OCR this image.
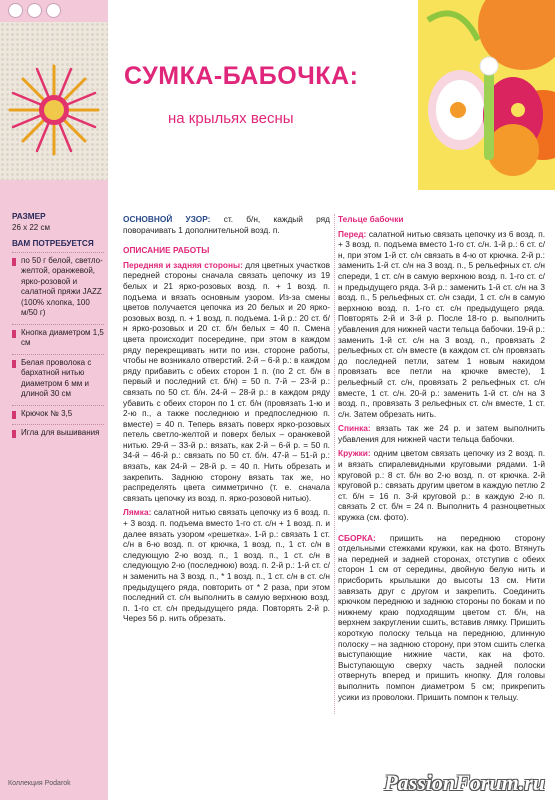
РАЗМЕР
26 х 22 см
ВАМ ПОТРЕБУЕТСЯ
по 50 г белой, светло-желтой, оранжевой, ярко-розовой и салатной пряжи JAZZ (100% хлопка, 100 м/50 г)
Кнопка диаметром 1,5 см
Белая проволока с бархатной нитью диаметром 6 мм и длиной 30 см
Крючок № 3,5
Игла для вышивания
Коллекция Podarok
СУМКА-БАБОЧКА:
на крыльях весны

ОСНОВНОЙ УЗОР: ст. б/н, каждый ряд поворачивать 1 дополнительной возд. п.

ОПИСАНИЕ РАБОТЫ

Передняя и задняя стороны: для цветных участков передней стороны сначала связать цепочку из 19 белых и 21 ярко-розовых возд. п. + 1 возд. п. подъема и вязать основным узором. Из-за смены цветов получается цепочка из 20 белых и 20 ярко-розовых возд. п. + 1 возд. п. подъема. 1-й р.: 20 ст. б/н ярко-розовых и 20 ст. б/н белых = 40 п. Смена цвета происходит посередине, при этом в каждом ряду перекрещивать нити по изн. стороне работы, чтобы не возникало отверстий. 2-й – 6-й р.: в каждом ряду прибавить с обеих сторон 1 п. (по 2 ст. б/н в первый и последний ст. б/н) = 50 п. 7-й – 23-й р.: связать по 50 ст. б/н. 24-й – 28-й р.: в каждом ряду убавить с обеих сторон по 1 ст. б/н (провязать 1-ю и 2-ю п., а также последнюю и предпоследнюю п. вместе) = 40 п. Теперь вязать поверх ярко-розовых петель светло-желтой и поверх белых – оранжевой нитью. 29-й – 33-й р.: вязать, как 2-й – 6-й р. = 50 п. 34-й – 46-й р.: связать по 50 ст. б/н. 47-й – 51-й р.: вязать, как 24-й – 28-й р. = 40 п. Нить обрезать и закрепить. Заднюю сторону вязать так же, но распределять цвета симметрично (т. е. сначала связать цепочку из возд. п. ярко-розовой нитью).

Лямка: салатной нитью связать цепочку из 6 возд. п. + 3 возд. п. подъема вместо 1-го ст. с/н + 1 возд. п. и далее вязать узором «решетка». 1-й р.: связать 1 ст. с/н в 6-ю возд. п. от крючка, 1 возд. п., 1 ст. с/н в следующую 2-ю возд. п., 1 возд. п., 1 ст. с/н в следующую 2-ю (последнюю) возд. п. 2-й р.: 1-й ст. с/н заменить на 3 возд. п., * 1 возд. п., 1 ст. с/н в ст. с/н предыдущего ряда, повторить от * 2 раза, при этом последний ст. с/н выполнить в самую верхнюю возд. п. 1-го ст. с/н предыдущего ряда. Повторять 2-й р. Через 56 р. нить обрезать.

Тельце бабочки

Перед: салатной нитью связать цепочку из 6 возд. п. + 3 возд. п. подъема вместо 1-го ст. с/н. 1-й р.: 6 ст. с/н, при этом 1-й ст. с/н связать в 4-ю от крючка. 2-й р.: заменить 1-й ст. с/н на 3 возд. п., 5 рельефных ст. с/н спереди, 1 ст. с/н в самую верхнюю возд. п. 1-го ст. с/н предыдущего ряда. 3-й р.: заменить 1-й ст. с/н на 3 возд. п., 5 рельефных ст. с/н сзади, 1 ст. с/н в самую верхнюю возд. п. 1-го ст. с/н предыдущего ряда. Повторять 2-й и 3-й р. После 18-го р. выполнить убавления для нижней части тельца бабочки. 19-й р.: заменить 1-й ст. с/н на 3 возд. п., провязать 2 рельефных ст. с/н вместе (в каждом ст. с/н провязать до последней петли, затем 1 новым накидом провязать все петли на крючке вместе), 1 рельефный ст. с/н, провязать 2 рельефных ст. с/н вместе, 1 ст. с/н. 20-й р.: заменить 1-й ст. с/н на 3 возд. п., провязать 3 рельефных ст. с/н вместе, 1 ст. с/н. Затем обрезать нить.

Спинка: вязать так же 24 р. и затем выполнить убавления для нижней части тельца бабочки.

Кружки: одним цветом связать цепочку из 2 возд. п. и вязать спиралевидными круговыми рядами. 1-й круговой р.: 8 ст. б/н во 2-ю возд. п. от крючка. 2-й круговой р.: связать другим цветом в каждую петлю 2 ст. б/н = 16 п. 3-й круговой р.: в каждую 2-ю п. связать 2 ст. б/н = 24 п. Выполнить 4 разноцветных кружка (см. фото).

СБОРКА: пришить на переднюю сторону отдельными стежками кружки, как на фото. Втянуть на передней и задней сторонах, отступив с обеих сторон 1 см от середины, двойную белую нить и присборить крылышки до высоты 13 см. Нити завязать друг с другом и закрепить. Соединить крючком переднюю и заднюю стороны по бокам и по нижнему краю подходящим цветом ст. б/н, на верхнем закруглении сшить, вставив лямку. Пришить короткую полоску тельца на переднюю, длинную полоску – на заднюю сторону, при этом сшить слегка выступающие нижние части, как на фото. Выступающую сверху часть задней полоски отвернуть вперед и пришить кнопку. Для головы выполнить помпон диаметром 5 см; прикрепить усики из проволоки. Пришить помпон к тельцу.

PassionForum.ru
